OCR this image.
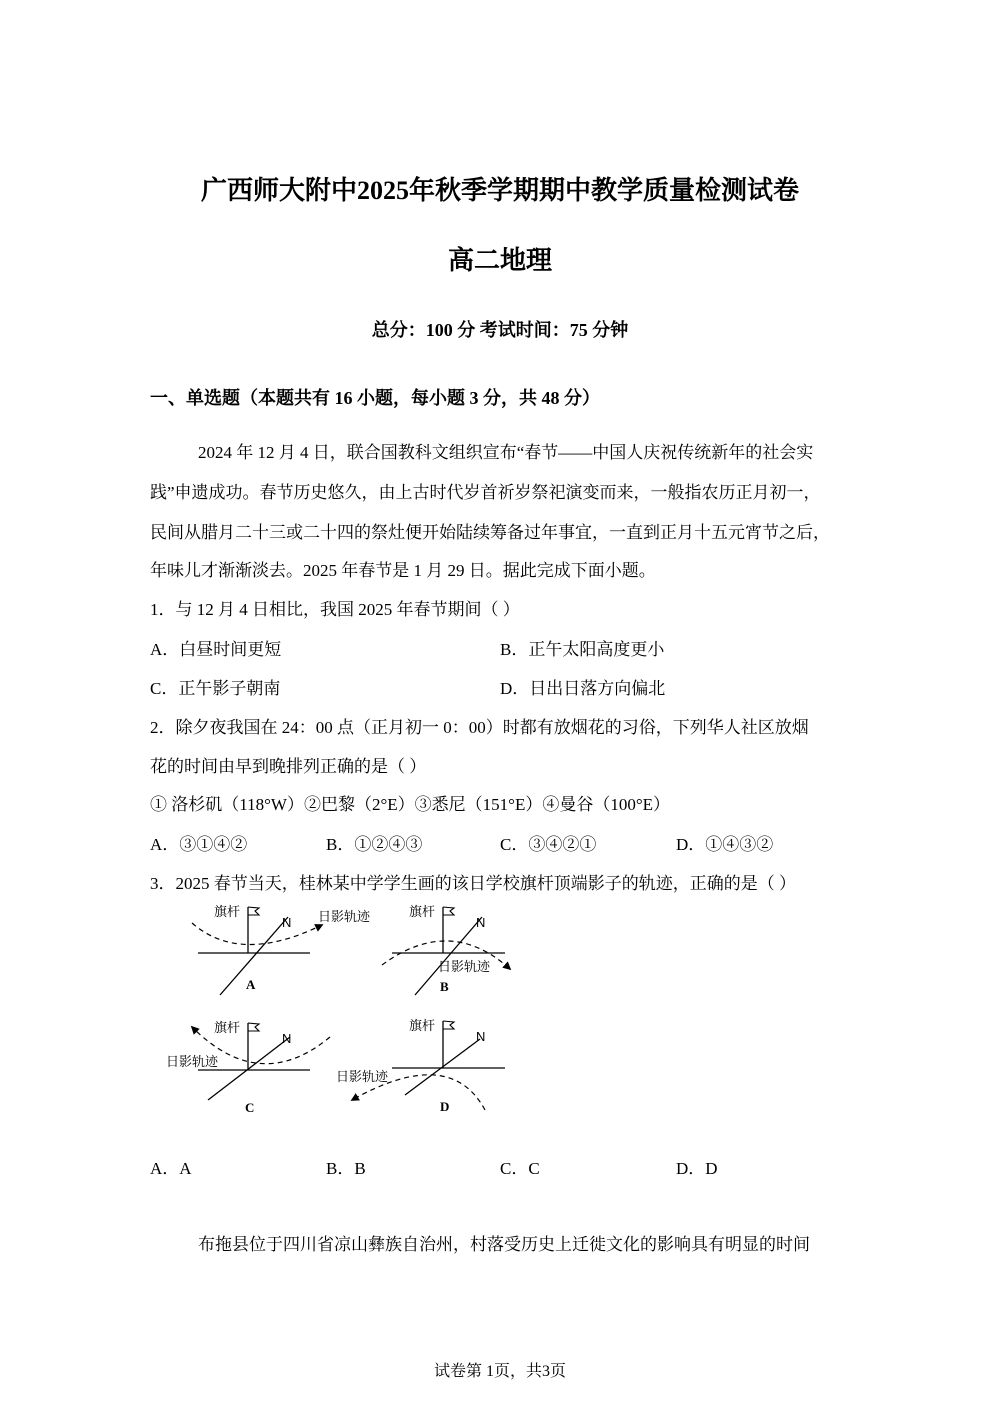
广西师大附中2025年秋季学期期中教学质量检测试卷
高二地理
总分：100 分 考试时间：75 分钟
一、单选题（本题共有 16 小题，每小题 3 分，共 48 分）
2024 年 12 月 4 日，联合国教科文组织宣布“春节——中国人庆祝传统新年的社会实
践”申遗成功。春节历史悠久，由上古时代岁首祈岁祭祀演变而来，一般指农历正月初一，
民间从腊月二十三或二十四的祭灶便开始陆续筹备过年事宜，一直到正月十五元宵节之后，
年味儿才渐渐淡去。2025 年春节是 1 月 29 日。据此完成下面小题。
1．与 12 月 4 日相比，我国 2025 年春节期间（ ）
A．白昼时间更短	B．正午太阳高度更小
C．正午影子朝南	D．日出日落方向偏北
2．除夕夜我国在 24：00 点（正月初一 0：00）时都有放烟花的习俗，下列华人社区放烟
花的时间由早到晚排列正确的是（ ）
① 洛杉矶（118°W）②巴黎（2°E）③悉尼（151°E）④曼谷（100°E）
A．③①④②	B．①②④③	C．③④②①	D．①④③②
3．2025 春节当天，桂林某中学学生画的该日学校旗杆顶端影子的轨迹，正确的是（ ）
旗杆
N 日影轨迹
A
旗杆
N
日影轨迹
B
旗杆
N
日影轨迹
C
旗杆
N
日影轨迹
D
A．A	B．B	C．C	D．D
布拖县位于四川省凉山彝族自治州，村落受历史上迁徙文化的影响具有明显的时间
试卷第 1页，共3页
